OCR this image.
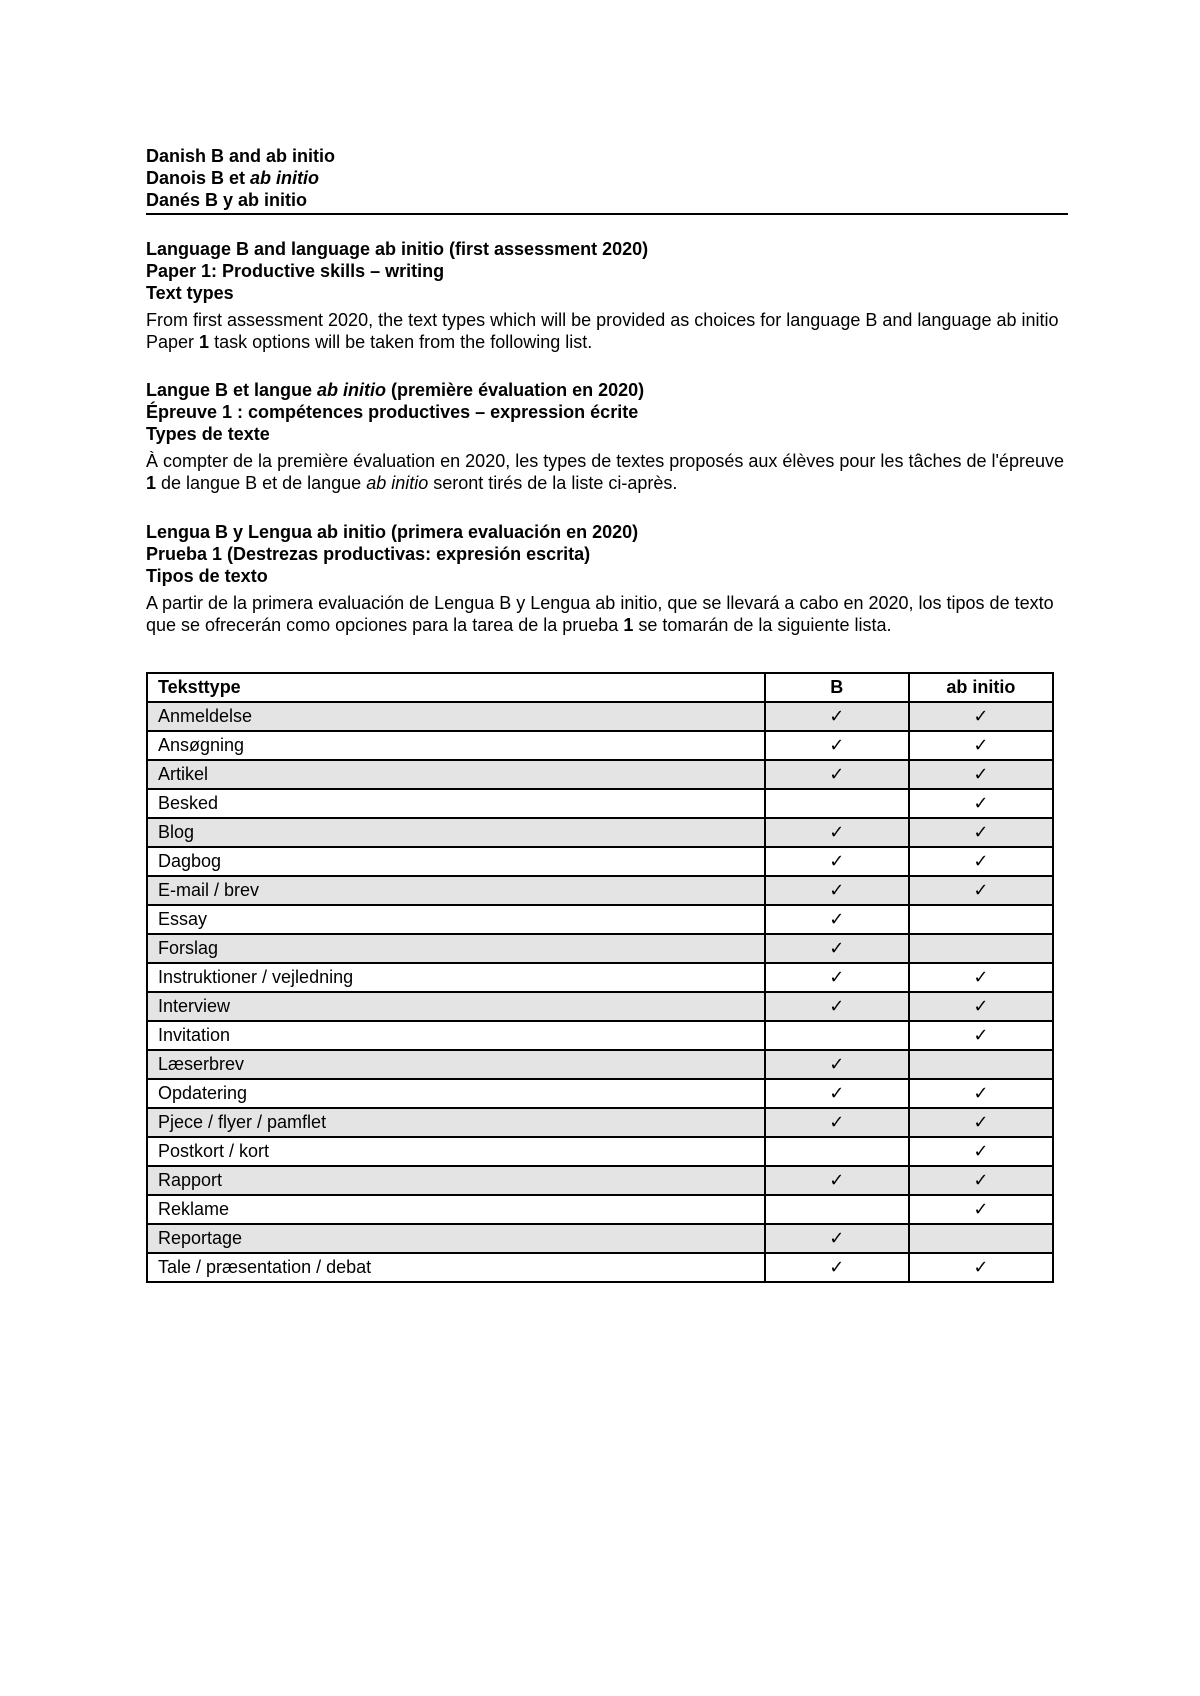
Danish B and ab initio
Danois B et ab initio
Danés B y ab initio
Language B and language ab initio (first assessment 2020)
Paper 1: Productive skills – writing
Text types
From first assessment 2020, the text types which will be provided as choices for language B and language ab initio Paper 1 task options will be taken from the following list.
Langue B et langue ab initio (première évaluation en 2020)
Épreuve 1 : compétences productives – expression écrite
Types de texte
À compter de la première évaluation en 2020, les types de textes proposés aux élèves pour les tâches de l'épreuve 1 de langue B et de langue ab initio seront tirés de la liste ci-après.
Lengua B y Lengua ab initio (primera evaluación en 2020)
Prueba 1 (Destrezas productivas: expresión escrita)
Tipos de texto
A partir de la primera evaluación de Lengua B y Lengua ab initio, que se llevará a cabo en 2020, los tipos de texto que se ofrecerán como opciones para la tarea de la prueba 1 se tomarán de la siguiente lista.
Teksttype	B	ab initio
Anmeldelse	✓	✓
Ansøgning	✓	✓
Artikel	✓	✓
Besked		✓
Blog	✓	✓
Dagbog	✓	✓
E-mail / brev	✓	✓
Essay	✓	
Forslag	✓	
Instruktioner / vejledning	✓	✓
Interview	✓	✓
Invitation		✓
Læserbrev	✓	
Opdatering	✓	✓
Pjece / flyer / pamflet	✓	✓
Postkort / kort		✓
Rapport	✓	✓
Reklame		✓
Reportage	✓	
Tale / præsentation / debat	✓	✓
